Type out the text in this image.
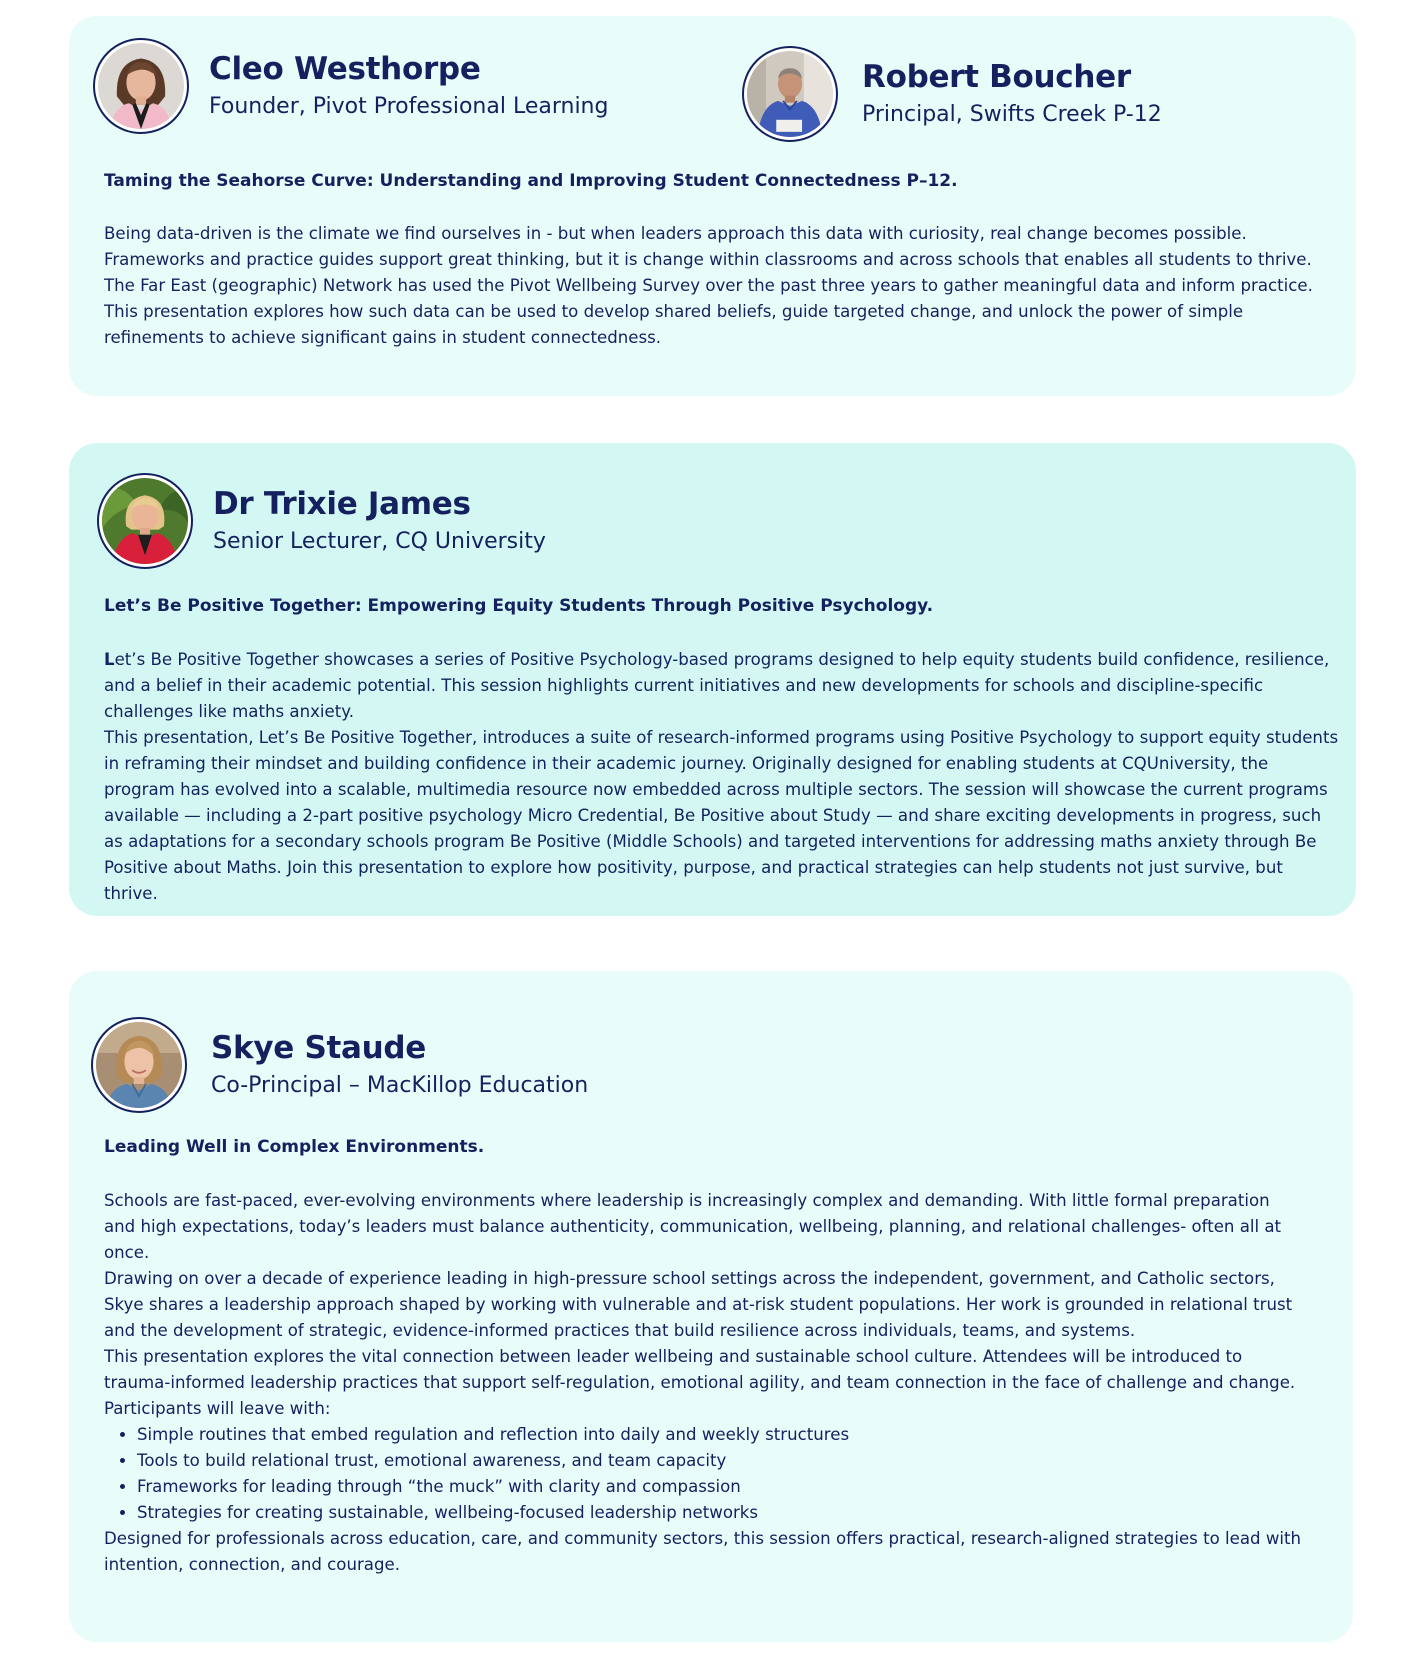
Cleo Westhorpe
Founder, Pivot Professional Learning
Robert Boucher
Principal, Swifts Creek P-12
Taming the Seahorse Curve: Understanding and Improving Student Connectedness P–12.

Being data-driven is the climate we find ourselves in - but when leaders approach this data with curiosity, real change becomes possible. Frameworks and practice guides support great thinking, but it is change within classrooms and across schools that enables all students to thrive. The Far East (geographic) Network has used the Pivot Wellbeing Survey over the past three years to gather meaningful data and inform practice. This presentation explores how such data can be used to develop shared beliefs, guide targeted change, and unlock the power of simple refinements to achieve significant gains in student connectedness.

Dr Trixie James
Senior Lecturer, CQ University
Let’s Be Positive Together: Empowering Equity Students Through Positive Psychology.

Let’s Be Positive Together showcases a series of Positive Psychology-based programs designed to help equity students build confidence, resilience, and a belief in their academic potential. This session highlights current initiatives and new developments for schools and discipline-specific challenges like maths anxiety.

This presentation, Let’s Be Positive Together, introduces a suite of research-informed programs using Positive Psychology to support equity students in reframing their mindset and building confidence in their academic journey. Originally designed for enabling students at CQUniversity, the program has evolved into a scalable, multimedia resource now embedded across multiple sectors. The session will showcase the current programs available — including a 2-part positive psychology Micro Credential, Be Positive about Study — and share exciting developments in progress, such as adaptations for a secondary schools program Be Positive (Middle Schools) and targeted interventions for addressing maths anxiety through Be Positive about Maths. Join this presentation to explore how positivity, purpose, and practical strategies can help students not just survive, but thrive.

Skye Staude
Co-Principal – MacKillop Education
Leading Well in Complex Environments.

Schools are fast-paced, ever-evolving environments where leadership is increasingly complex and demanding. With little formal preparation and high expectations, today’s leaders must balance authenticity, communication, wellbeing, planning, and relational challenges- often all at once.

Drawing on over a decade of experience leading in high-pressure school settings across the independent, government, and Catholic sectors, Skye shares a leadership approach shaped by working with vulnerable and at-risk student populations. Her work is grounded in relational trust and the development of strategic, evidence-informed practices that build resilience across individuals, teams, and systems.

This presentation explores the vital connection between leader wellbeing and sustainable school culture. Attendees will be introduced to trauma-informed leadership practices that support self-regulation, emotional agility, and team connection in the face of challenge and change.

Participants will leave with:

• Simple routines that embed regulation and reflection into daily and weekly structures
• Tools to build relational trust, emotional awareness, and team capacity
• Frameworks for leading through “the muck” with clarity and compassion
• Strategies for creating sustainable, wellbeing-focused leadership networks

Designed for professionals across education, care, and community sectors, this session offers practical, research-aligned strategies to lead with intention, connection, and courage.
